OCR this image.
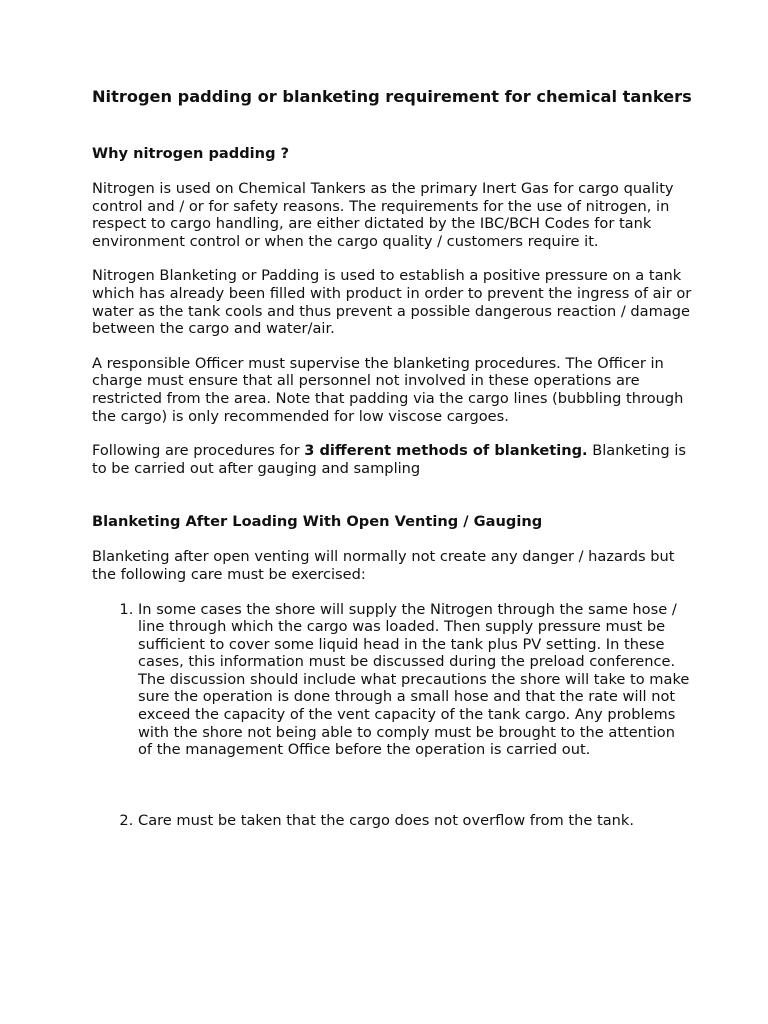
Nitrogen padding or blanketing requirement for chemical tankers
Why nitrogen padding ?

Nitrogen is used on Chemical Tankers as the primary Inert Gas for cargo quality control and / or for safety reasons. The requirements for the use of nitrogen, in respect to cargo handling, are either dictated by the IBC/BCH Codes for tank environment control or when the cargo quality / customers require it.

Nitrogen Blanketing or Padding is used to establish a positive pressure on a tank which has already been filled with product in order to prevent the ingress of air or water as the tank cools and thus prevent a possible dangerous reaction / damage between the cargo and water/air.

A responsible Officer must supervise the blanketing procedures. The Officer in charge must ensure that all personnel not involved in these operations are restricted from the area. Note that padding via the cargo lines (bubbling through the cargo) is only recommended for low viscose cargoes.

Following are procedures for 3 different methods of blanketing. Blanketing is to be carried out after gauging and sampling

Blanketing After Loading With Open Venting / Gauging

Blanketing after open venting will normally not create any danger / hazards but the following care must be exercised:

1. In some cases the shore will supply the Nitrogen through the same hose / line through which the cargo was loaded. Then supply pressure must be sufficient to cover some liquid head in the tank plus PV setting. In these cases, this information must be discussed during the preload conference. The discussion should include what precautions the shore will take to make sure the operation is done through a small hose and that the rate will not exceed the capacity of the vent capacity of the tank cargo. Any problems with the shore not being able to comply must be brought to the attention of the management Office before the operation is carried out.
2. Care must be taken that the cargo does not overflow from the tank.
